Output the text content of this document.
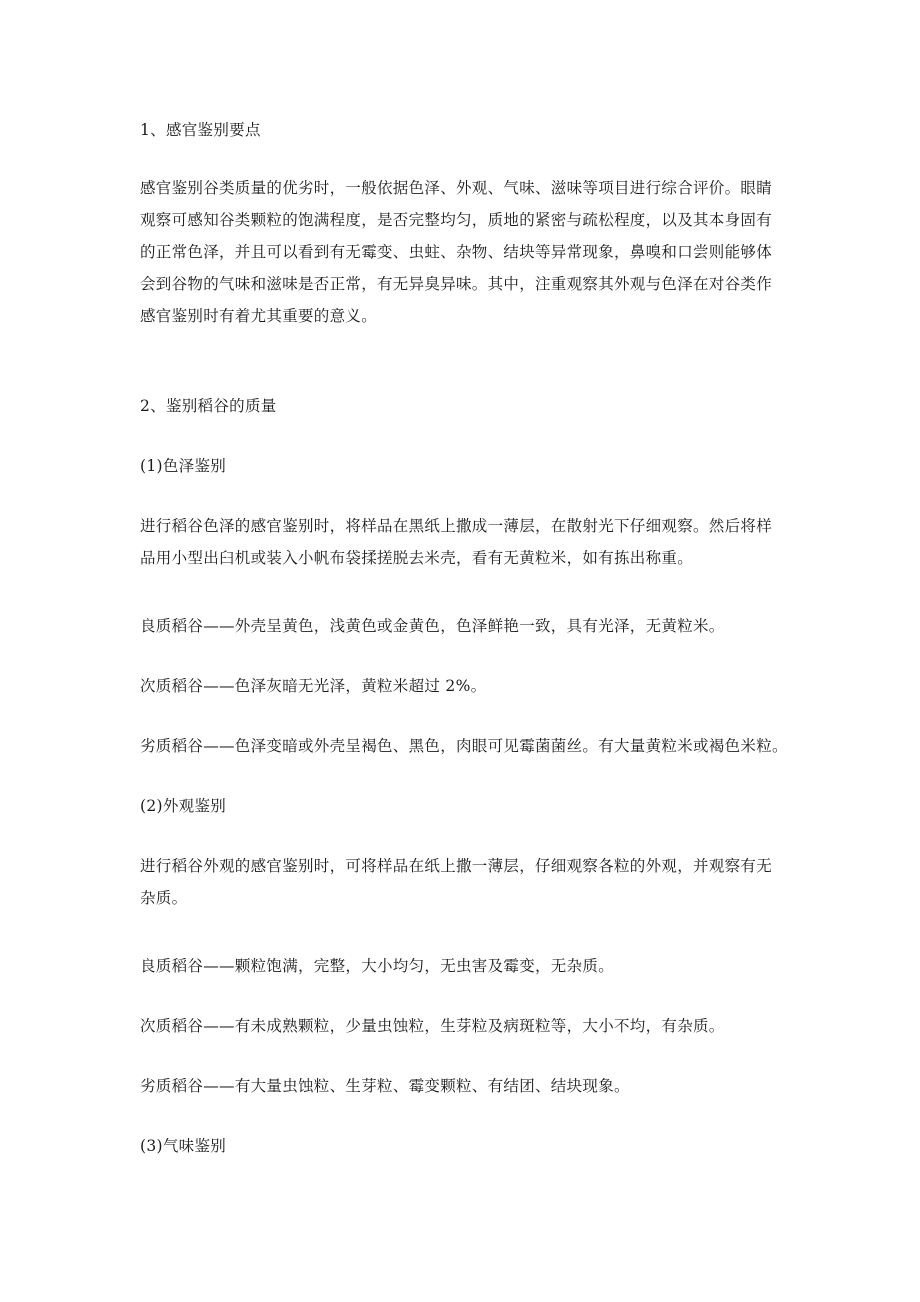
1、感官鉴别要点
感官鉴别谷类质量的优劣时，一般依据色泽、外观、气味、滋味等项目进行综合评价。眼睛
观察可感知谷类颗粒的饱满程度，是否完整均匀，质地的紧密与疏松程度，以及其本身固有
的正常色泽，并且可以看到有无霉变、虫蛀、杂物、结块等异常现象，鼻嗅和口尝则能够体
会到谷物的气味和滋味是否正常，有无异臭异味。其中，注重观察其外观与色泽在对谷类作
感官鉴别时有着尤其重要的意义。
2、鉴别稻谷的质量
(1)色泽鉴别
进行稻谷色泽的感官鉴别时，将样品在黑纸上撒成一薄层，在散射光下仔细观察。然后将样
品用小型出臼机或装入小帆布袋揉搓脱去米壳，看有无黄粒米，如有拣出称重。
良质稻谷——外壳呈黄色，浅黄色或金黄色，色泽鲜艳一致，具有光泽，无黄粒米。
次质稻谷——色泽灰暗无光泽，黄粒米超过 2%。
劣质稻谷——色泽变暗或外壳呈褐色、黑色，肉眼可见霉菌菌丝。有大量黄粒米或褐色米粒。
(2)外观鉴别
进行稻谷外观的感官鉴别时，可将样品在纸上撒一薄层，仔细观察各粒的外观，并观察有无
杂质。
良质稻谷——颗粒饱满，完整，大小均匀，无虫害及霉变，无杂质。
次质稻谷——有未成熟颗粒，少量虫蚀粒，生芽粒及病斑粒等，大小不均，有杂质。
劣质稻谷——有大量虫蚀粒、生芽粒、霉变颗粒、有结团、结块现象。
(3)气味鉴别
